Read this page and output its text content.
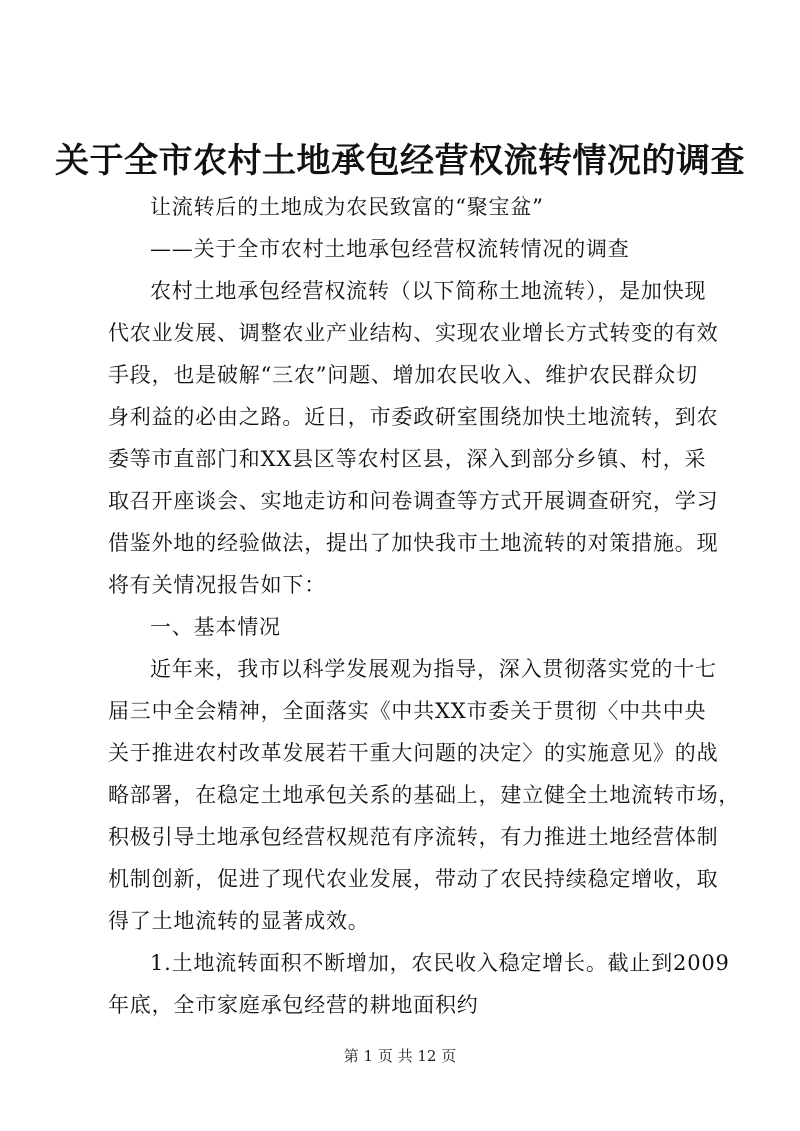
关于全市农村土地承包经营权流转情况的调查
让流转后的土地成为农民致富的“聚宝盆”
——关于全市农村土地承包经营权流转情况的调查
农村土地承包经营权流转（以下简称土地流转），是加快现
代农业发展、调整农业产业结构、实现农业增长方式转变的有效
手段，也是破解“三农”问题、增加农民收入、维护农民群众切
身利益的必由之路。近日，市委政研室围绕加快土地流转，到农
委等市直部门和XX县区等农村区县，深入到部分乡镇、村，采
取召开座谈会、实地走访和问卷调查等方式开展调查研究，学习
借鉴外地的经验做法，提出了加快我市土地流转的对策措施。现
将有关情况报告如下：
一、基本情况
近年来，我市以科学发展观为指导，深入贯彻落实党的十七
届三中全会精神，全面落实《中共XX市委关于贯彻〈中共中央
关于推进农村改革发展若干重大问题的决定〉的实施意见》的战
略部署，在稳定土地承包关系的基础上，建立健全土地流转市场，
积极引导土地承包经营权规范有序流转，有力推进土地经营体制
机制创新，促进了现代农业发展，带动了农民持续稳定增收，取
得了土地流转的显著成效。
1.土地流转面积不断增加，农民收入稳定增长。截止到2009
年底，全市家庭承包经营的耕地面积约
第 1 页 共 12 页
